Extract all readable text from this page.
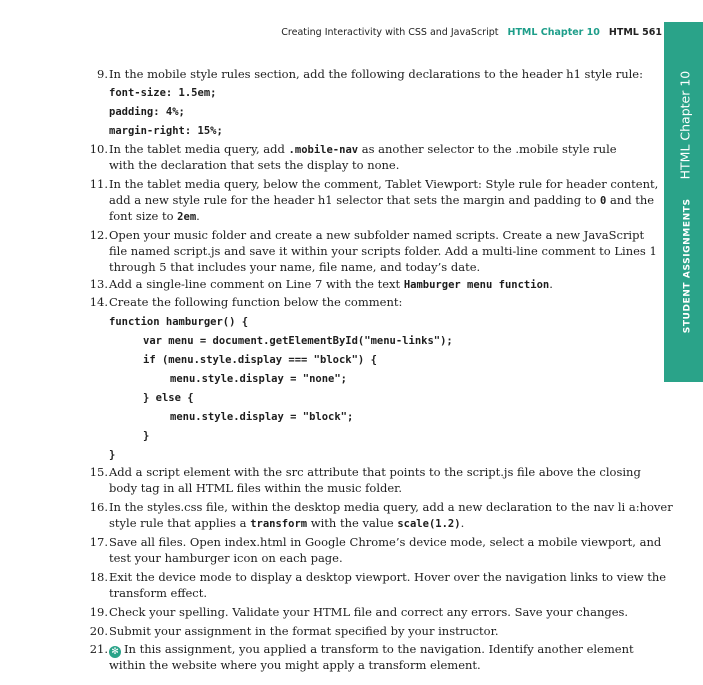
Creating Interactivity with CSS and JavaScript HTML Chapter 10 HTML 561
STUDENT ASSIGNMENTS HTML Chapter 10
9. In the mobile style rules section, add the following declarations to the header h1 style rule:
font-size: 1.5em;
padding: 4%;
margin-right: 15%;
10. In the tablet media query, add .mobile-nav as another selector to the .mobile style rule
with the declaration that sets the display to none.
11. In the tablet media query, below the comment, Tablet Viewport: Style rule for header content,
add a new style rule for the header h1 selector that sets the margin and padding to 0 and the
font size to 2em.
12. Open your music folder and create a new subfolder named scripts. Create a new JavaScript
file named script.js and save it within your scripts folder. Add a multi-line comment to Lines 1
through 5 that includes your name, file name, and today’s date.
13. Add a single-line comment on Line 7 with the text Hamburger menu function.
14. Create the following function below the comment:
function hamburger() {
var menu = document.getElementById("menu-links");
if (menu.style.display === "block") {
menu.style.display = "none";
} else {
menu.style.display = "block";
}
}
15. Add a script element with the src attribute that points to the script.js file above the closing
body tag in all HTML files within the music folder.
16. In the styles.css file, within the desktop media query, add a new declaration to the nav li a:hover
style rule that applies a transform with the value scale(1.2).
17. Save all files. Open index.html in Google Chrome’s device mode, select a mobile viewport, and
test your hamburger icon on each page.
18. Exit the device mode to display a desktop viewport. Hover over the navigation links to view the
transform effect.
19. Check your spelling. Validate your HTML file and correct any errors. Save your changes.
20. Submit your assignment in the format specified by your instructor.
21. ✻ In this assignment, you applied a transform to the navigation. Identify another element
within the website where you might apply a transform element.
